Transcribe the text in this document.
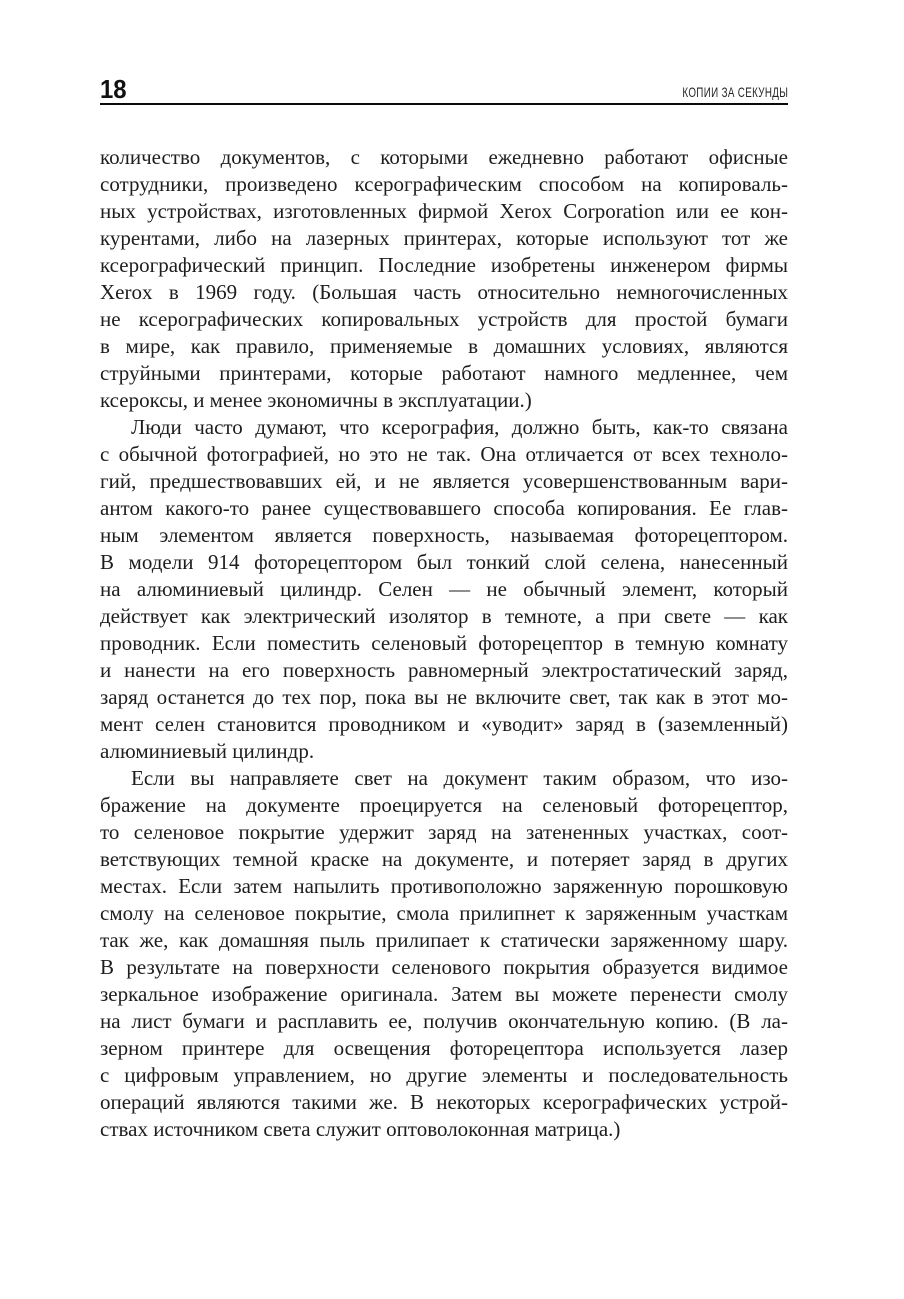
18	КОПИИ ЗА СЕКУНДЫ
количество документов, с которыми ежедневно работают офисные
сотрудники, произведено ксерографическим способом на копироваль-
ных устройствах, изготовленных фирмой Xerox Corporation или ее кон-
курентами, либо на лазерных принтерах, которые используют тот же
ксерографический принцип. Последние изобретены инженером фирмы
Xerox в 1969 году. (Большая часть относительно немногочисленных
не ксерографических копировальных устройств для простой бумаги
в мире, как правило, применяемые в домашних условиях, являются
струйными принтерами, которые работают намного медленнее, чем
ксероксы, и менее экономичны в эксплуатации.)
Люди часто думают, что ксерография, должно быть, как-то связана
с обычной фотографией, но это не так. Она отличается от всех техноло-
гий, предшествовавших ей, и не является усовершенствованным вари-
антом какого-то ранее существовавшего способа копирования. Ее глав-
ным элементом является поверхность, называемая фоторецептором.
В модели 914 фоторецептором был тонкий слой селена, нанесенный
на алюминиевый цилиндр. Селен — не обычный элемент, который
действует как электрический изолятор в темноте, а при свете — как
проводник. Если поместить селеновый фоторецептор в темную комнату
и нанести на его поверхность равномерный электростатический заряд,
заряд останется до тех пор, пока вы не включите свет, так как в этот мо-
мент селен становится проводником и «уводит» заряд в (заземленный)
алюминиевый цилиндр.
Если вы направляете свет на документ таким образом, что изо-
бражение на документе проецируется на селеновый фоторецептор,
то селеновое покрытие удержит заряд на затененных участках, соот-
ветствующих темной краске на документе, и потеряет заряд в других
местах. Если затем напылить противоположно заряженную порошковую
смолу на селеновое покрытие, смола прилипнет к заряженным участкам
так же, как домашняя пыль прилипает к статически заряженному шару.
В результате на поверхности селенового покрытия образуется видимое
зеркальное изображение оригинала. Затем вы можете перенести смолу
на лист бумаги и расплавить ее, получив окончательную копию. (В ла-
зерном принтере для освещения фоторецептора используется лазер
с цифровым управлением, но другие элементы и последовательность
операций являются такими же. В некоторых ксерографических устрой-
ствах источником света служит оптоволоконная матрица.)
